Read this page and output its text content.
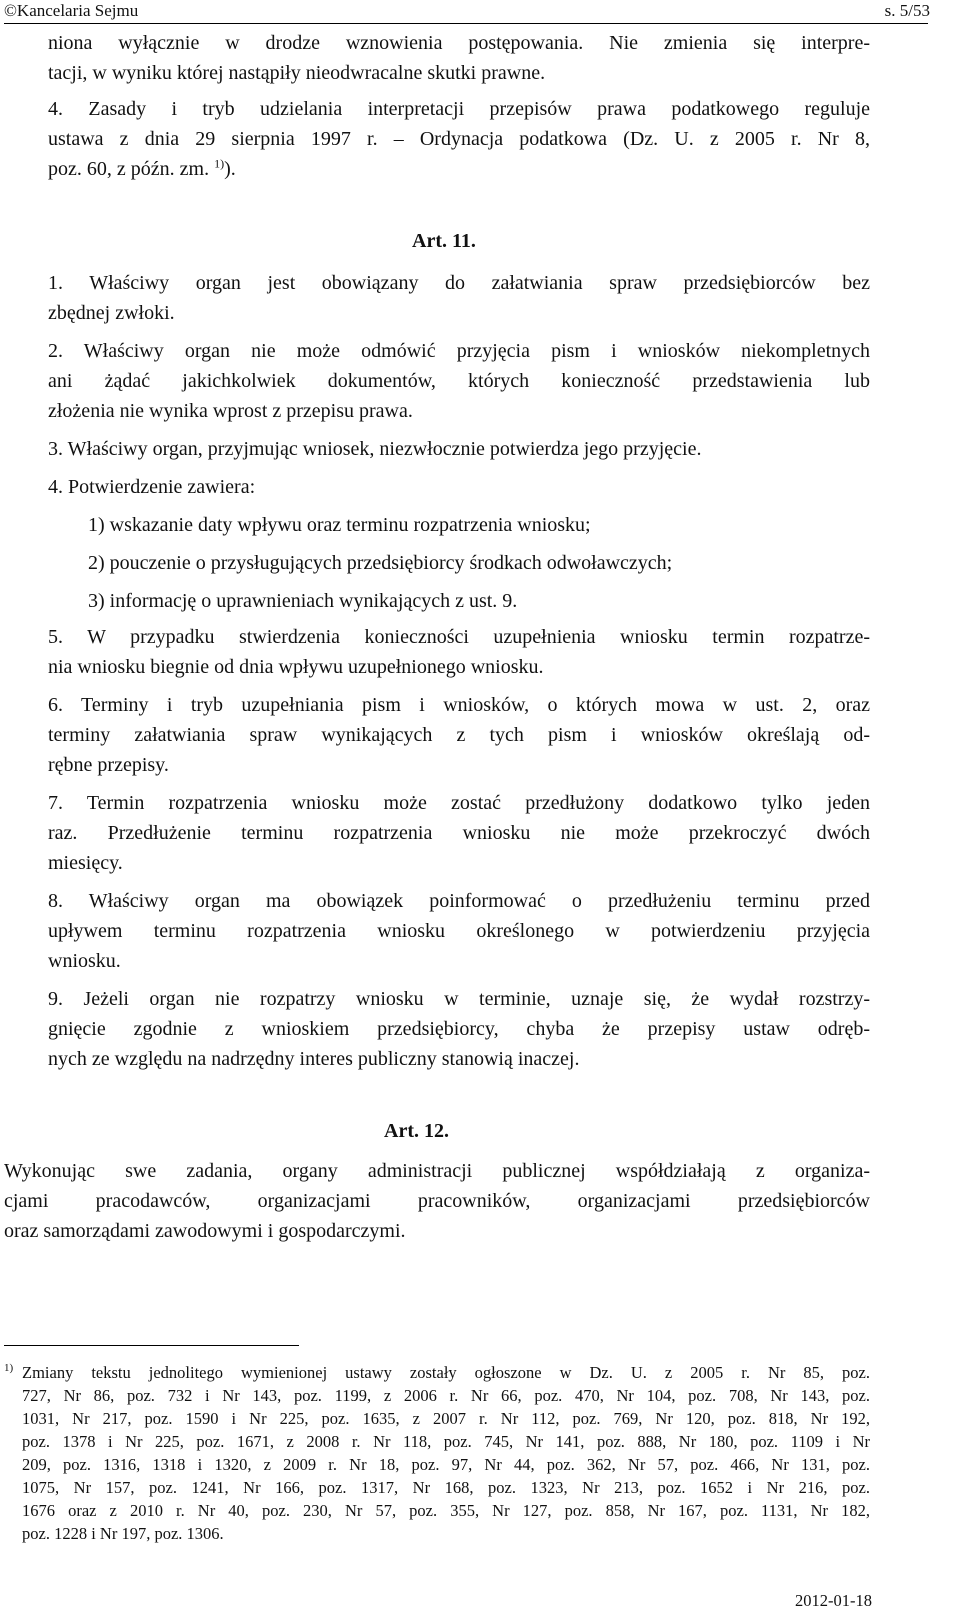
©Kancelaria Sejmu	s. 5/53
niona wyłącznie w drodze wznowienia postępowania. Nie zmienia się interpre-
tacji, w wyniku której nastąpiły nieodwracalne skutki prawne.
4. Zasady i tryb udzielania interpretacji przepisów prawa podatkowego reguluje
ustawa z dnia 29 sierpnia 1997 r. – Ordynacja podatkowa (Dz. U. z 2005 r. Nr 8,
poz. 60, z późn. zm. $^{1)}$).
Art. 11.
1. Właściwy organ jest obowiązany do załatwiania spraw przedsiębiorców bez
zbędnej zwłoki.
2. Właściwy organ nie może odmówić przyjęcia pism i wniosków niekompletnych
ani żądać jakichkolwiek dokumentów, których konieczność przedstawienia lub
złożenia nie wynika wprost z przepisu prawa.
3. Właściwy organ, przyjmując wniosek, niezwłocznie potwierdza jego przyjęcie.
4. Potwierdzenie zawiera:
1) wskazanie daty wpływu oraz terminu rozpatrzenia wniosku;
2) pouczenie o przysługujących przedsiębiorcy środkach odwoławczych;
3) informację o uprawnieniach wynikających z ust. 9.
5. W przypadku stwierdzenia konieczności uzupełnienia wniosku termin rozpatrze-
nia wniosku biegnie od dnia wpływu uzupełnionego wniosku.
6. Terminy i tryb uzupełniania pism i wniosków, o których mowa w ust. 2, oraz
terminy załatwiania spraw wynikających z tych pism i wniosków określają od-
rębne przepisy.
7. Termin rozpatrzenia wniosku może zostać przedłużony dodatkowo tylko jeden
raz. Przedłużenie terminu rozpatrzenia wniosku nie może przekroczyć dwóch
miesięcy.
8. Właściwy organ ma obowiązek poinformować o przedłużeniu terminu przed
upływem terminu rozpatrzenia wniosku określonego w potwierdzeniu przyjęcia
wniosku.
9. Jeżeli organ nie rozpatrzy wniosku w terminie, uznaje się, że wydał rozstrzy-
gnięcie zgodnie z wnioskiem przedsiębiorcy, chyba że przepisy ustaw odręb-
nych ze względu na nadrzędny interes publiczny stanowią inaczej.
Art. 12.
Wykonując swe zadania, organy administracji publicznej współdziałają z organiza-
cjami pracodawców, organizacjami pracowników, organizacjami przedsiębiorców
oraz samorządami zawodowymi i gospodarczymi.
1) Zmiany tekstu jednolitego wymienionej ustawy zostały ogłoszone w Dz. U. z 2005 r. Nr 85, poz.
727, Nr 86, poz. 732 i Nr 143, poz. 1199, z 2006 r. Nr 66, poz. 470, Nr 104, poz. 708, Nr 143, poz.
1031, Nr 217, poz. 1590 i Nr 225, poz. 1635, z 2007 r. Nr 112, poz. 769, Nr 120, poz. 818, Nr 192,
poz. 1378 i Nr 225, poz. 1671, z 2008 r. Nr 118, poz. 745, Nr 141, poz. 888, Nr 180, poz. 1109 i Nr
209, poz. 1316, 1318 i 1320, z 2009 r. Nr 18, poz. 97, Nr 44, poz. 362, Nr 57, poz. 466, Nr 131, poz.
1075, Nr 157, poz. 1241, Nr 166, poz. 1317, Nr 168, poz. 1323, Nr 213, poz. 1652 i Nr 216, poz.
1676 oraz z 2010 r. Nr 40, poz. 230, Nr 57, poz. 355, Nr 127, poz. 858, Nr 167, poz. 1131, Nr 182,
poz. 1228 i Nr 197, poz. 1306.
2012-01-18
